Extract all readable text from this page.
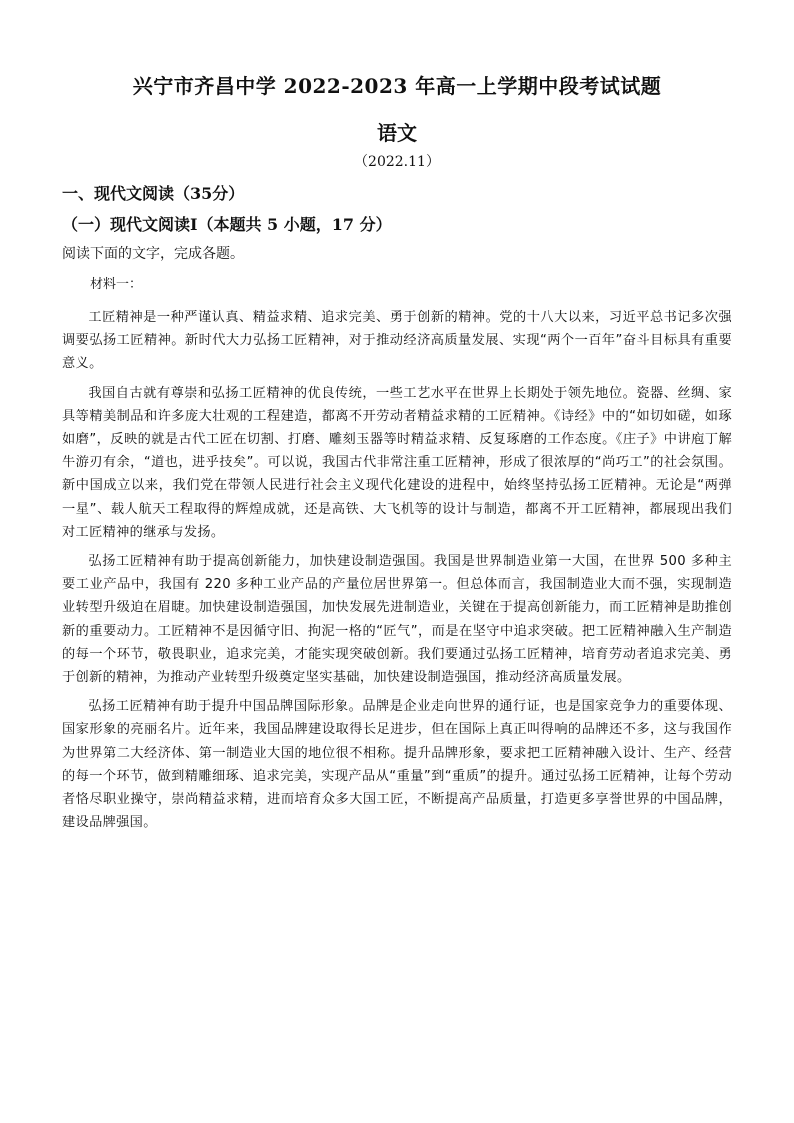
兴宁市齐昌中学 2022-2023 年高一上学期中段考试试题
语文
（2022.11）
一、现代文阅读（35分）
（一）现代文阅读Ⅰ（本题共 5 小题，17 分）
阅读下面的文字，完成各题。
材料一：

工匠精神是一种严谨认真、精益求精、追求完美、勇于创新的精神。党的十八大以来，习近平总书记多次强调要弘扬工匠精神。新时代大力弘扬工匠精神，对于推动经济高质量发展、实现“两个一百年”奋斗目标具有重要意义。

我国自古就有尊崇和弘扬工匠精神的优良传统，一些工艺水平在世界上长期处于领先地位。瓷器、丝绸、家具等精美制品和许多庞大壮观的工程建造，都离不开劳动者精益求精的工匠精神。《诗经》中的“如切如磋，如琢如磨”，反映的就是古代工匠在切割、打磨、雕刻玉器等时精益求精、反复琢磨的工作态度。《庄子》中讲庖丁解牛游刃有余，“道也，进乎技矣”。可以说，我国古代非常注重工匠精神，形成了很浓厚的“尚巧工”的社会氛围。新中国成立以来，我们党在带领人民进行社会主义现代化建设的进程中，始终坚持弘扬工匠精神。无论是“两弹一星”、载人航天工程取得的辉煌成就，还是高铁、大飞机等的设计与制造，都离不开工匠精神，都展现出我们对工匠精神的继承与发扬。

弘扬工匠精神有助于提高创新能力，加快建设制造强国。我国是世界制造业第一大国，在世界 500 多种主要工业产品中，我国有 220 多种工业产品的产量位居世界第一。但总体而言，我国制造业大而不强，实现制造业转型升级迫在眉睫。加快建设制造强国，加快发展先进制造业，关键在于提高创新能力，而工匠精神是助推创新的重要动力。工匠精神不是因循守旧、拘泥一格的“匠气”，而是在坚守中追求突破。把工匠精神融入生产制造的每一个环节，敬畏职业，追求完美，才能实现突破创新。我们要通过弘扬工匠精神，培育劳动者追求完美、勇于创新的精神，为推动产业转型升级奠定坚实基础，加快建设制造强国，推动经济高质量发展。

弘扬工匠精神有助于提升中国品牌国际形象。品牌是企业走向世界的通行证，也是国家竞争力的重要体现、国家形象的亮丽名片。近年来，我国品牌建设取得长足进步，但在国际上真正叫得响的品牌还不多，这与我国作为世界第二大经济体、第一制造业大国的地位很不相称。提升品牌形象，要求把工匠精神融入设计、生产、经营的每一个环节，做到精雕细琢、追求完美，实现产品从“重量”到“重质”的提升。通过弘扬工匠精神，让每个劳动者恪尽职业操守，崇尚精益求精，进而培育众多大国工匠，不断提高产品质量，打造更多享誉世界的中国品牌，建设品牌强国。
